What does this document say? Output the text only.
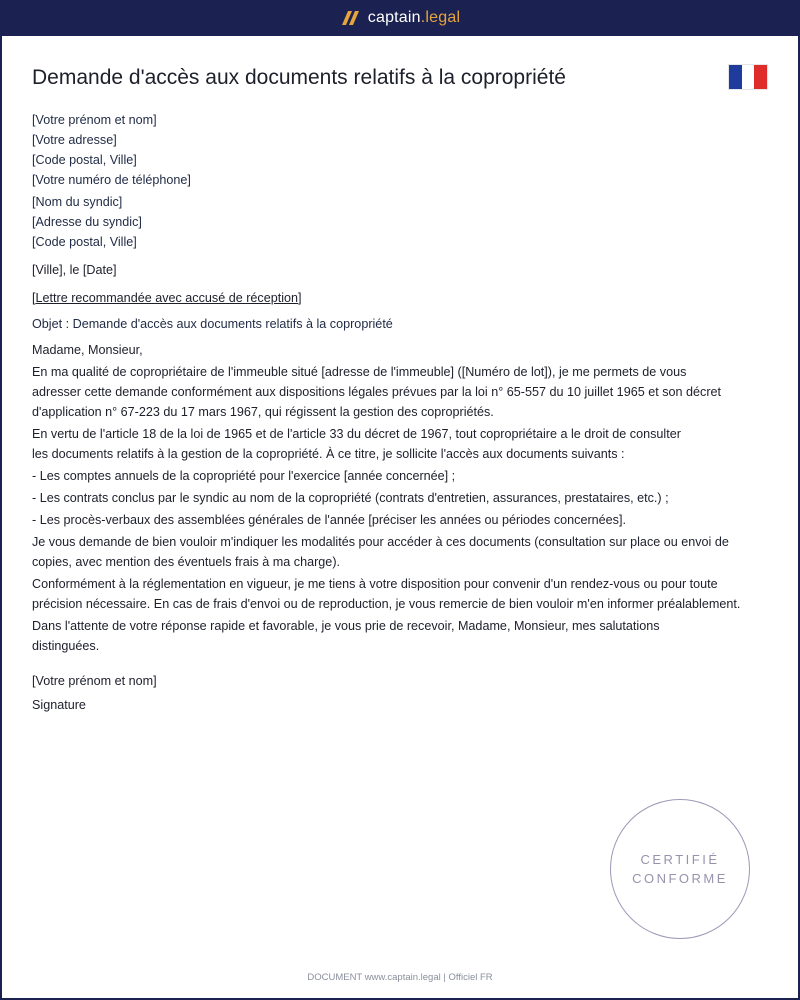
captain.legal
Demande d'accès aux documents relatifs à la copropriété

[Votre prénom et nom]

[Votre adresse]

[Code postal, Ville]

[Votre numéro de téléphone]

[Nom du syndic]

[Adresse du syndic]

[Code postal, Ville]

[Ville], le [Date]

[Lettre recommandée avec accusé de réception]

Objet : Demande d'accès aux documents relatifs à la copropriété

Madame, Monsieur,

En ma qualité de copropriétaire de l'immeuble situé [adresse de l'immeuble] ([Numéro de lot]), je me permets de vous adresser cette demande conformément aux dispositions légales prévues par la loi n° 65-557 du 10 juillet 1965 et son décret d'application n° 67-223 du 17 mars 1967, qui régissent la gestion des copropriétés.

En vertu de l'article 18 de la loi de 1965 et de l'article 33 du décret de 1967, tout copropriétaire a le droit de consulter les documents relatifs à la gestion de la copropriété. À ce titre, je sollicite l'accès aux documents suivants :

- Les comptes annuels de la copropriété pour l'exercice [année concernée] ;

- Les contrats conclus par le syndic au nom de la copropriété (contrats d'entretien, assurances, prestataires, etc.) ;

- Les procès-verbaux des assemblées générales de l'année [préciser les années ou périodes concernées].

Je vous demande de bien vouloir m'indiquer les modalités pour accéder à ces documents (consultation sur place ou envoi de copies, avec mention des éventuels frais à ma charge).

Conformément à la réglementation en vigueur, je me tiens à votre disposition pour convenir d'un rendez-vous ou pour toute précision nécessaire. En cas de frais d'envoi ou de reproduction, je vous remercie de bien vouloir m'en informer préalablement.

Dans l'attente de votre réponse rapide et favorable, je vous prie de recevoir, Madame, Monsieur, mes salutations distinguées.

[Votre prénom et nom]

Signature

CERTIFIÉ
CONFORME
DOCUMENT www.captain.legal | Officiel FR
